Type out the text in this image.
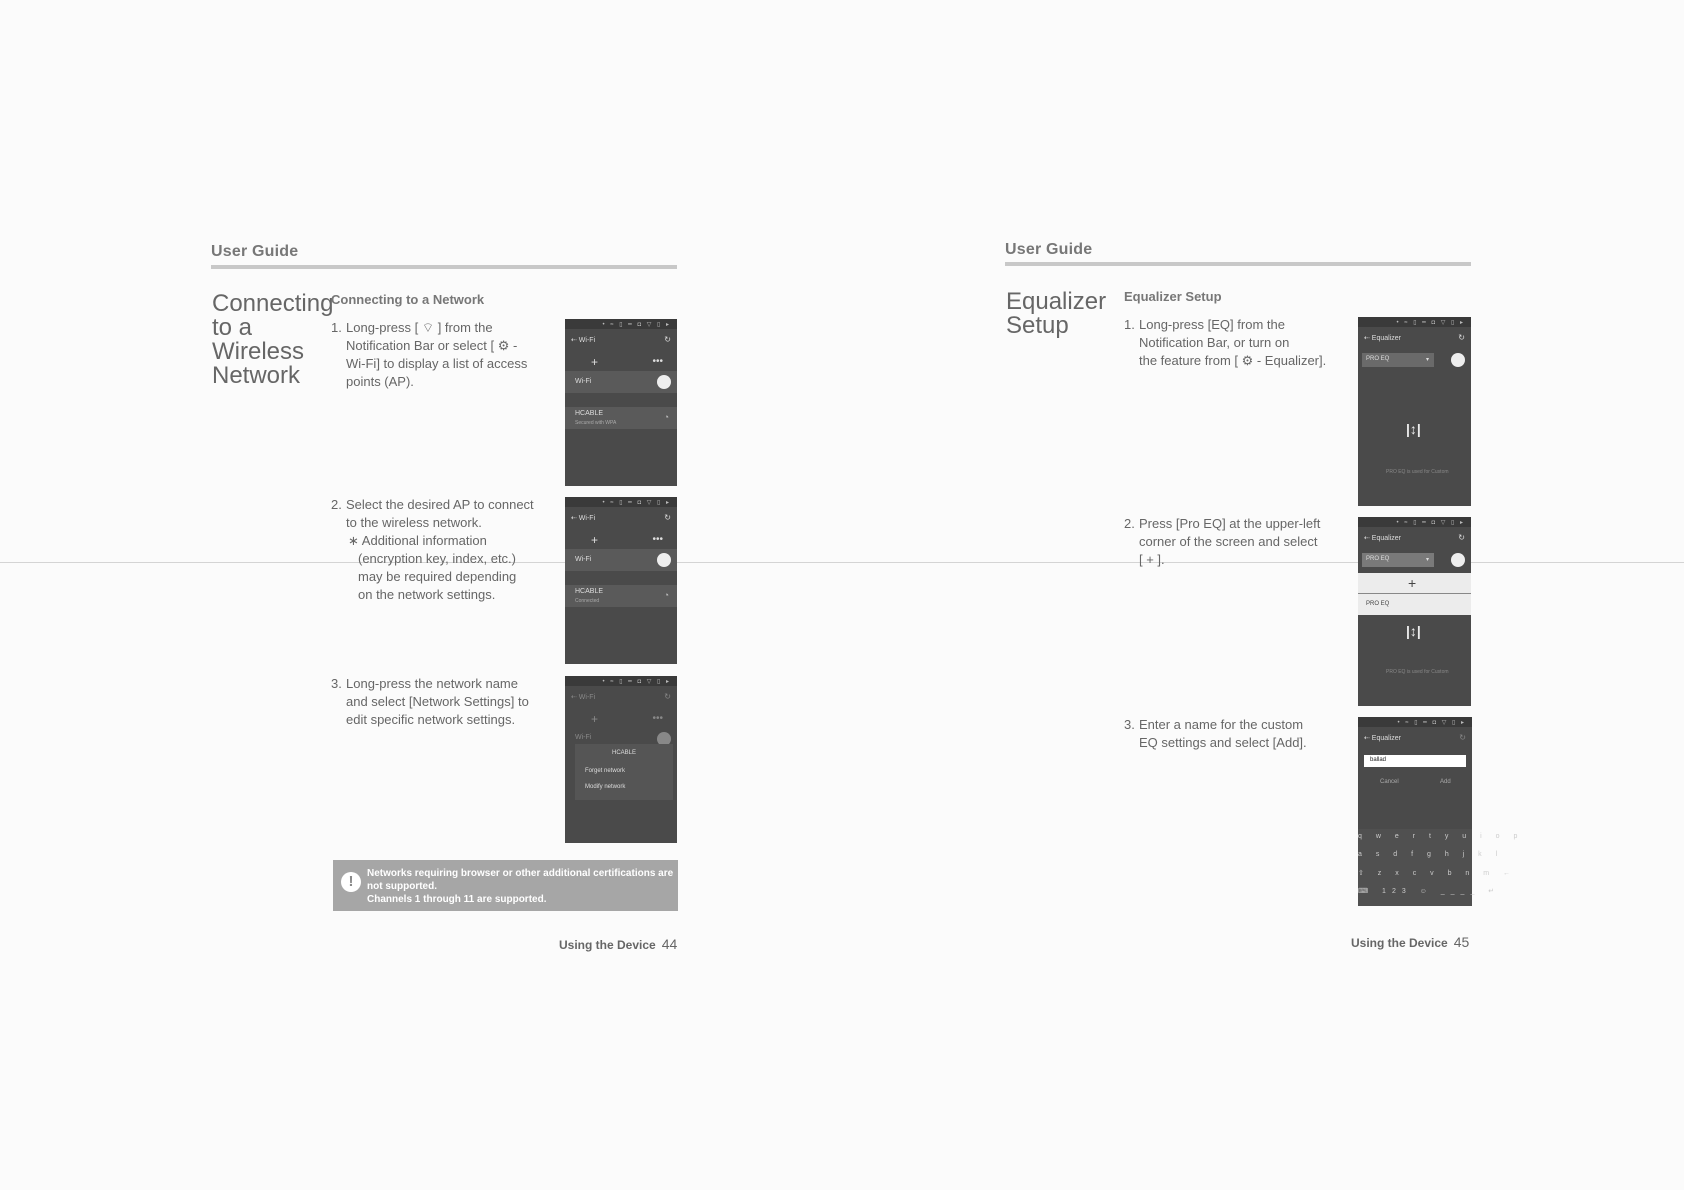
User Guide
Connecting
to a
Wireless
Network
Connecting to a Network
1. Long-press [ ⌔ ] from the
Notification Bar or select [ ⚙ -
Wi-Fi] to display a list of access
points (AP).
2. Select the desired AP to connect
to the wireless network.
∗ Additional information
(encryption key, index, etc.)
may be required depending
on the network settings.
3. Long-press the network name
and select [Network Settings] to
edit specific network settings.
• ≈ ▯ ━ ◘ ▽ ▯ ▸
⇠ Wi-Fi	↻
+	•••
Wi-Fi
HCABLE
Secured with WPA
◔
• ≈ ▯ ━ ◘ ▽ ▯ ▸
⇠ Wi-Fi	↻
+	•••
Wi-Fi
HCABLE
Connected
◔
• ≈ ▯ ━ ◘ ▽ ▯ ▸
⇠ Wi-Fi	↻
+	•••
Wi-Fi
HCABLE
Forget network
Modify network
!	Networks requiring browser or other additional certifications are
not supported.
Channels 1 through 11 are supported.
Using the Device 44
User Guide
Equalizer
Setup
Equalizer Setup
1. Long-press [EQ] from the
Notification Bar, or turn on
the feature from [ ⚙ - Equalizer].
2. Press [Pro EQ] at the upper-left
corner of the screen and select
[ + ].
3. Enter a name for the custom
EQ settings and select [Add].
• ≈ ▯ ━ ◘ ▽ ▯ ▸
⇠ Equalizer	↻
PRO EQ	▾
|↕|
PRO EQ is used for Custom
• ≈ ▯ ━ ◘ ▽ ▯ ▸
⇠ Equalizer	↻
PRO EQ	▾
+
PRO EQ
|↕|
PRO EQ is used for Custom
• ≈ ▯ ━ ◘ ▽ ▯ ▸
⇠ Equalizer	↻
ballad
Cancel	Add
q w e r t y u i o p
a s d f g h j k l
⇧ z x c v b n m ←
⌨ 123 ☺ ____ ↵
Using the Device 45
